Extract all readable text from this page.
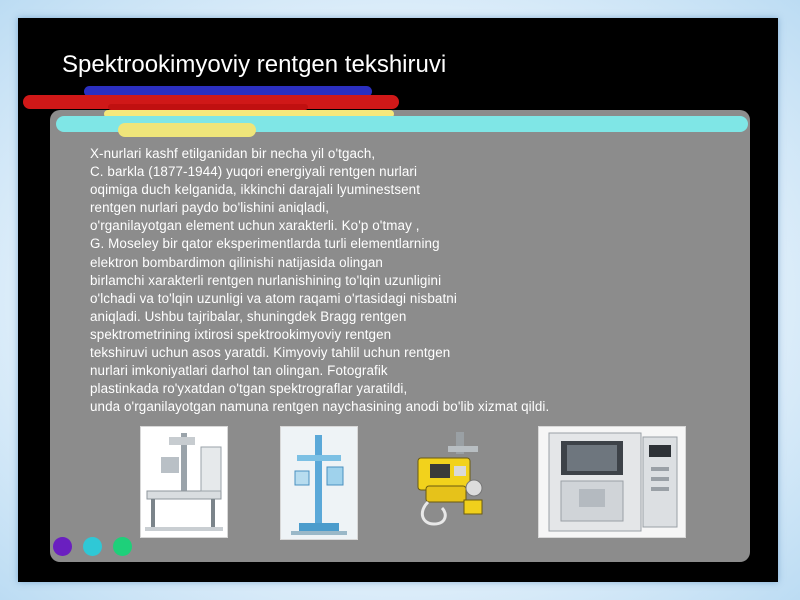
Spektrookimyoviy rentgen tekshiruvi
X-nurlari kashf etilganidan bir necha yil o'tgach,
C. barkla (1877-1944) yuqori energiyali rentgen nurlari
oqimiga duch kelganida, ikkinchi darajali lyuminestsent
rentgen nurlari paydo bo'lishini aniqladi,
o'rganilayotgan element uchun xarakterli. Ko'p o'tmay ,
G. Moseley bir qator eksperimentlarda turli elementlarning
elektron bombardimon qilinishi natijasida olingan
birlamchi xarakterli rentgen nurlanishining to'lqin uzunligini
o'lchadi va to'lqin uzunligi va atom raqami o'rtasidagi nisbatni
aniqladi. Ushbu tajribalar, shuningdek Bragg rentgen
spektrometrining ixtirosi spektrookimyoviy rentgen
tekshiruvi uchun asos yaratdi. Kimyoviy tahlil uchun rentgen
nurlari imkoniyatlari darhol tan olingan. Fotografik
plastinkada ro'yxatdan o'tgan spektrograflar yaratildi,
unda o'rganilayotgan namuna rentgen naychasining anodi bo'lib xizmat qildi.
